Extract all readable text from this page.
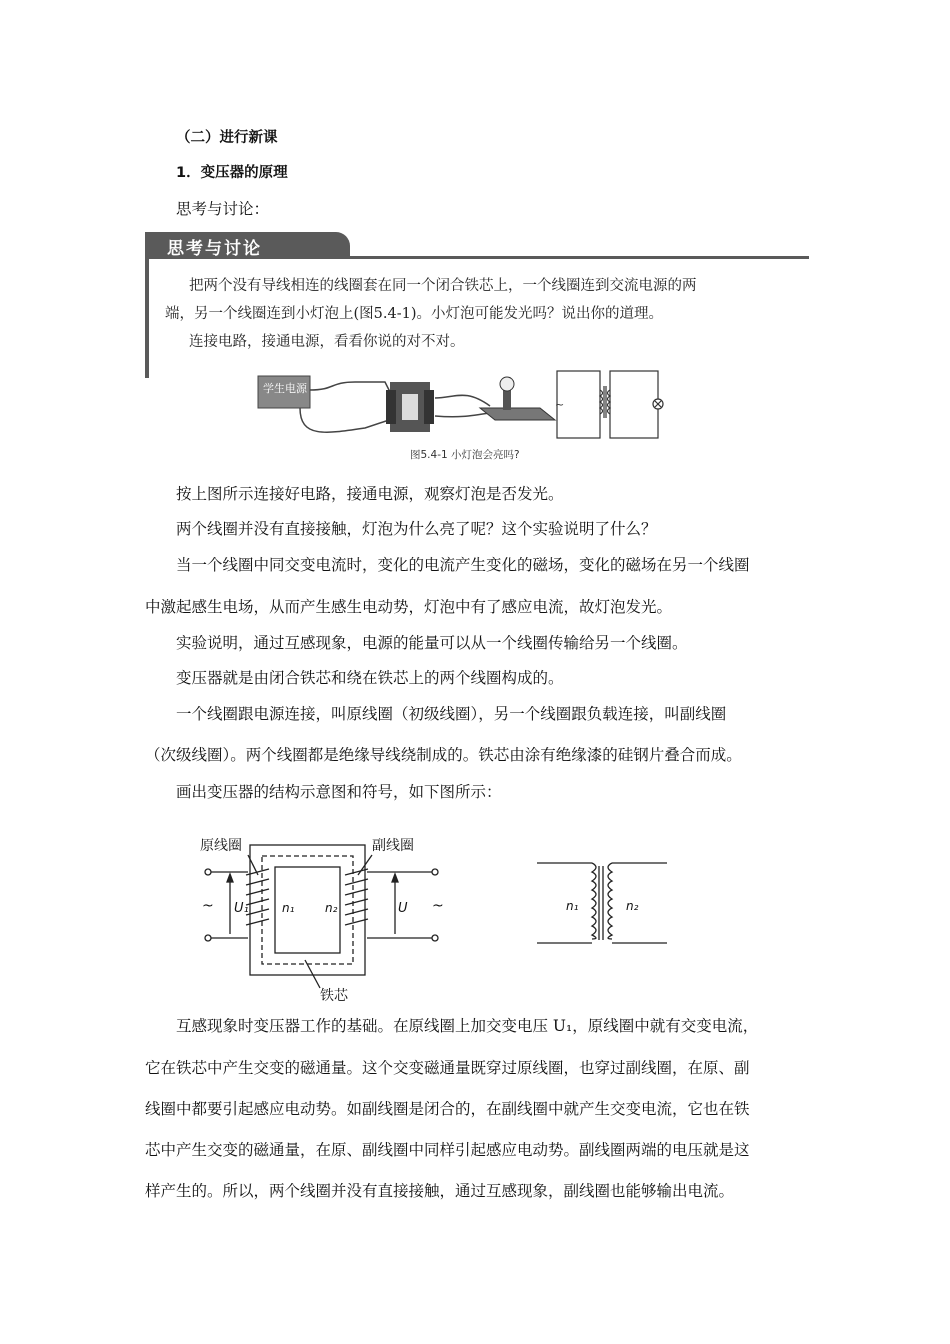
（二）进行新课
1．变压器的原理
思考与讨论：
思考与讨论
把两个没有导线相连的线圈套在同一个闭合铁芯上，一个线圈连到交流电源的两
端，另一个线圈连到小灯泡上(图5.4-1)。小灯泡可能发光吗？说出你的道理。
连接电路，接通电源，看看你说的对不对。
学生电源
~
图5.4-1 小灯泡会亮吗?
按上图所示连接好电路，接通电源，观察灯泡是否发光。
两个线圈并没有直接接触，灯泡为什么亮了呢？这个实验说明了什么？
当一个线圈中同交变电流时，变化的电流产生变化的磁场，变化的磁场在另一个线圈
中激起感生电场，从而产生感生电动势，灯泡中有了感应电流，故灯泡发光。
实验说明，通过互感现象，电源的能量可以从一个线圈传输给另一个线圈。
变压器就是由闭合铁芯和绕在铁芯上的两个线圈构成的。
一个线圈跟电源连接，叫原线圈（初级线圈），另一个线圈跟负载连接，叫副线圈
（次级线圈）。两个线圈都是绝缘导线绕制成的。铁芯由涂有绝缘漆的硅钢片叠合而成。
画出变压器的结构示意图和符号，如下图所示：
原线圈	副线圈
铁芯
~	~
U₁	U
n₁	n₂	n₁	n₂
互感现象时变压器工作的基础。在原线圈上加交变电压 U₁，原线圈中就有交变电流，
它在铁芯中产生交变的磁通量。这个交变磁通量既穿过原线圈，也穿过副线圈，在原、副
线圈中都要引起感应电动势。如副线圈是闭合的，在副线圈中就产生交变电流，它也在铁
芯中产生交变的磁通量，在原、副线圈中同样引起感应电动势。副线圈两端的电压就是这
样产生的。所以，两个线圈并没有直接接触，通过互感现象，副线圈也能够输出电流。
